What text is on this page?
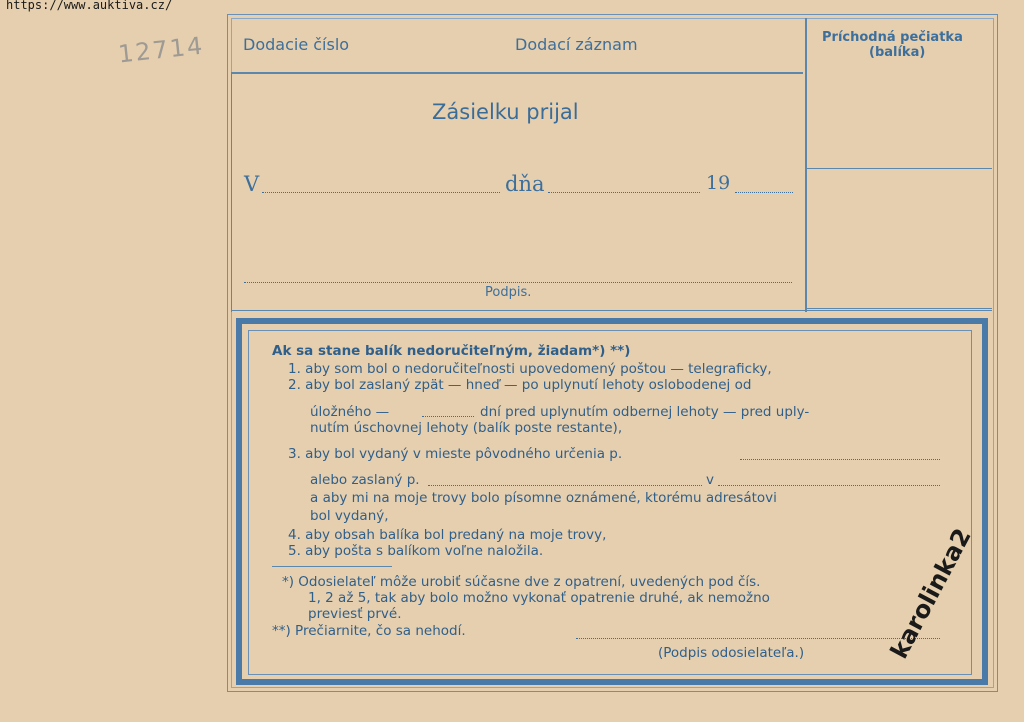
https://www.auktiva.cz/
12714 Dodacie číslo	Dodací záznam	Príchodná pečiatka
(balíka)
Zásielku prijal
V	dňa	19
Podpis.
Ak sa stane balík nedoručiteľným, žiadam*) **)
1. aby som bol o nedoručiteľnosti upovedomený poštou — telegraficky,
2. aby bol zaslaný zpät — hneď — po uplynutí lehoty oslobodenej od
úložného —	dní pred uplynutím odbernej lehoty — pred uply-
nutím úschovnej lehoty (balík poste restante),
3. aby bol vydaný v mieste pôvodného určenia p.
alebo zaslaný p.	v
a aby mi na moje trovy bolo písomne oznámené, ktorému adresátovi
bol vydaný,
4. aby obsah balíka bol predaný na moje trovy,
5. aby pošta s balíkom voľne naložila.
*) Odosielateľ môže urobiť súčasne dve z opatrení, uvedených pod čís.
1, 2 až 5, tak aby bolo možno vykonať opatrenie druhé, ak nemožno
previesť prvé.
**) Prečiarnite, čo sa nehodí.
(Podpis odosielateľa.)	karolinka2
